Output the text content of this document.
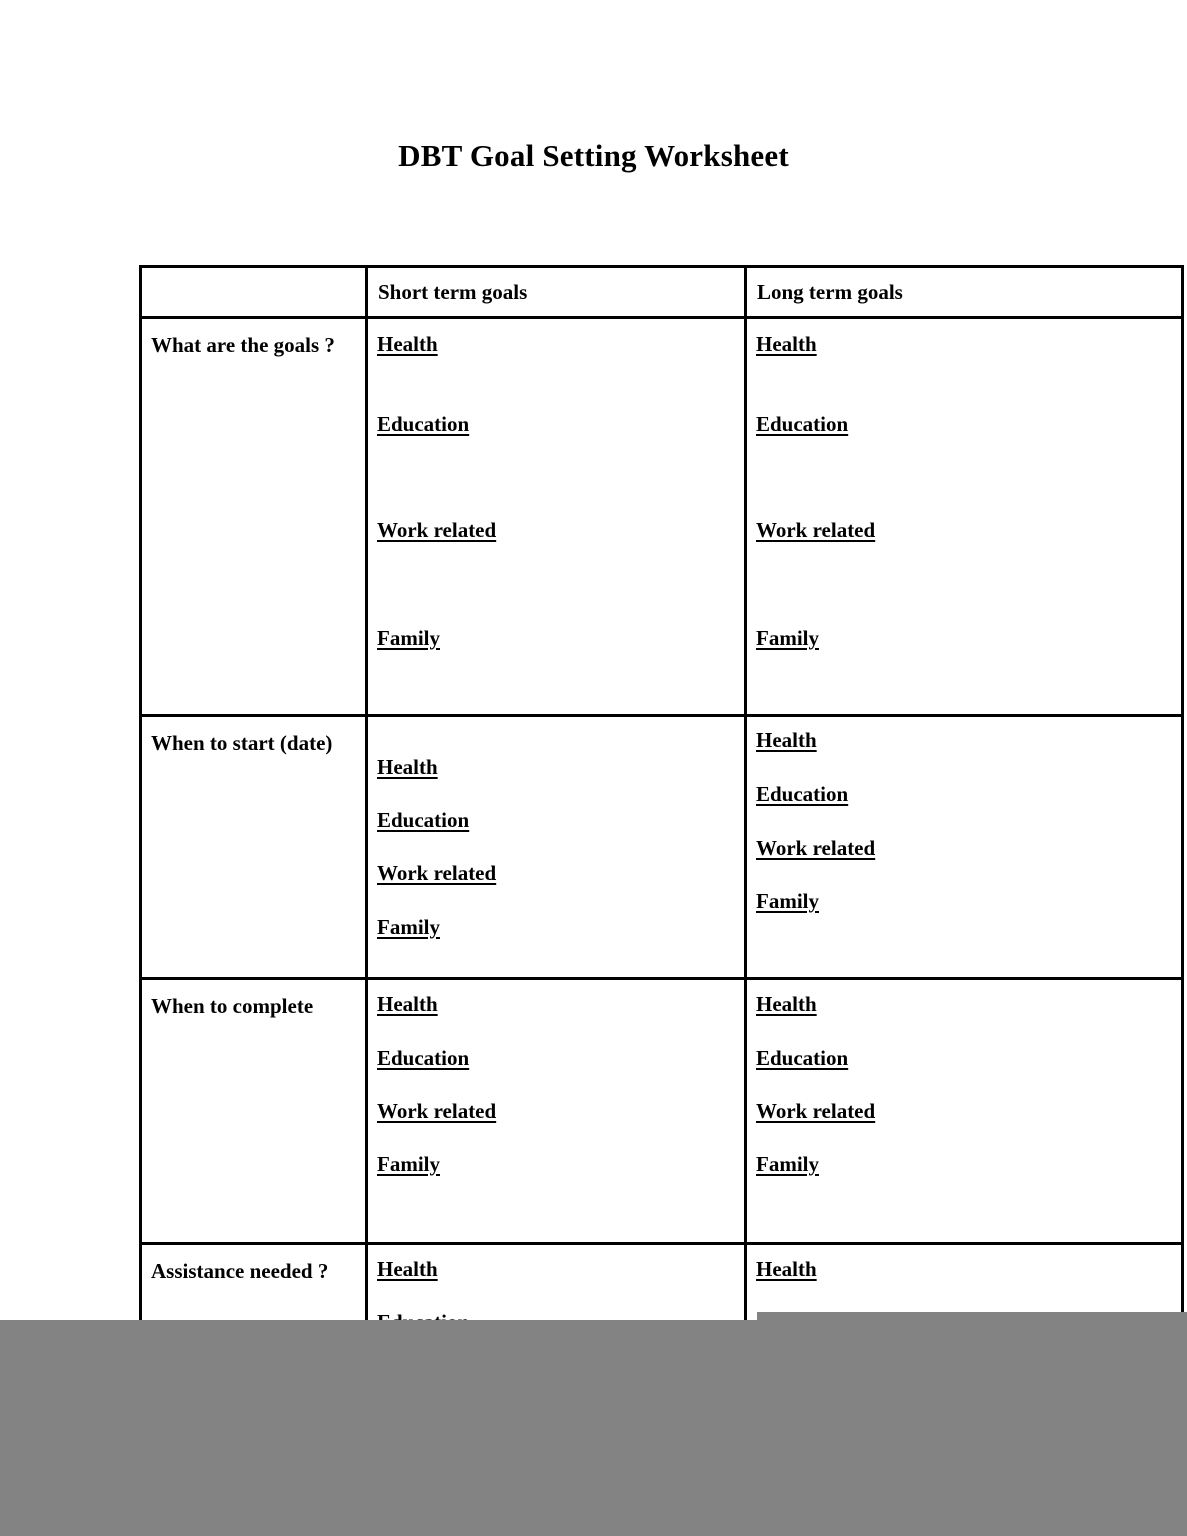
DBT Goal Setting Worksheet

	Short term goals	Long term goals

What are the goals ?	Health
Education
Work related
Family	Health
Education
Work related
Family

When to start (date)	Health
Education
Work related
Family	Health
Education
Work related
Family

When to complete	Health
Education
Work related
Family	Health
Education
Work related
Family

Assistance needed ?	Health	Health
